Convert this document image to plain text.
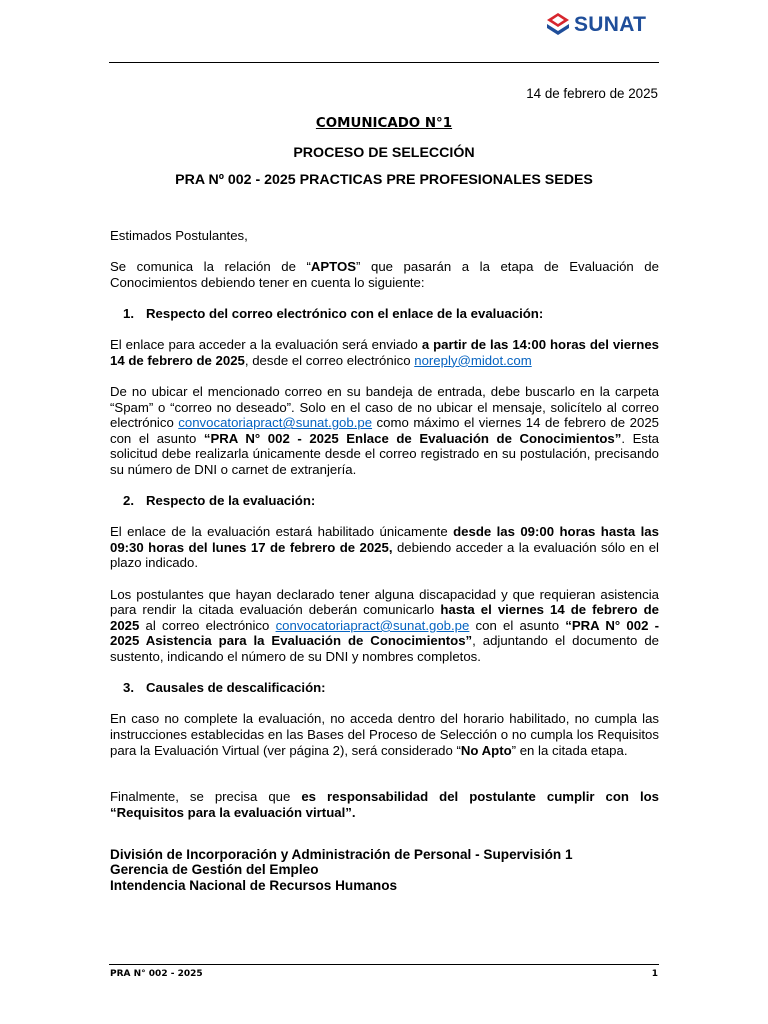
SUNAT
14 de febrero de 2025
COMUNICADO N°1
PROCESO DE SELECCIÓN
PRA Nº 002 - 2025 PRACTICAS PRE PROFESIONALES SEDES

Estimados Postulantes,

Se comunica la relación de “APTOS” que pasarán a la etapa de Evaluación de Conocimientos debiendo tener en cuenta lo siguiente:

1. Respecto del correo electrónico con el enlace de la evaluación:

El enlace para acceder a la evaluación será enviado a partir de las 14:00 horas del viernes 14 de febrero de 2025, desde el correo electrónico noreply@midot.com

De no ubicar el mencionado correo en su bandeja de entrada, debe buscarlo en la carpeta “Spam” o “correo no deseado”. Solo en el caso de no ubicar el mensaje, solicítelo al correo electrónico convocatoriapract@sunat.gob.pe como máximo el viernes 14 de febrero de 2025 con el asunto “PRA N° 002 - 2025 Enlace de Evaluación de Conocimientos”. Esta solicitud debe realizarla únicamente desde el correo registrado en su postulación, precisando su número de DNI o carnet de extranjería.

2. Respecto de la evaluación:

El enlace de la evaluación estará habilitado únicamente desde las 09:00 horas hasta las 09:30 horas del lunes 17 de febrero de 2025, debiendo acceder a la evaluación sólo en el plazo indicado.

Los postulantes que hayan declarado tener alguna discapacidad y que requieran asistencia para rendir la citada evaluación deberán comunicarlo hasta el viernes 14 de febrero de 2025 al correo electrónico convocatoriapract@sunat.gob.pe con el asunto “PRA N° 002 - 2025 Asistencia para la Evaluación de Conocimientos”, adjuntando el documento de sustento, indicando el número de su DNI y nombres completos.

3. Causales de descalificación:

En caso no complete la evaluación, no acceda dentro del horario habilitado, no cumpla las instrucciones establecidas en las Bases del Proceso de Selección o no cumpla los Requisitos para la Evaluación Virtual (ver página 2), será considerado “No Apto” en la citada etapa.

Finalmente, se precisa que es responsabilidad del postulante cumplir con los “Requisitos para la evaluación virtual”.

División de Incorporación y Administración de Personal - Supervisión 1
Gerencia de Gestión del Empleo
Intendencia Nacional de Recursos Humanos
PRA N° 002 - 2025	1
